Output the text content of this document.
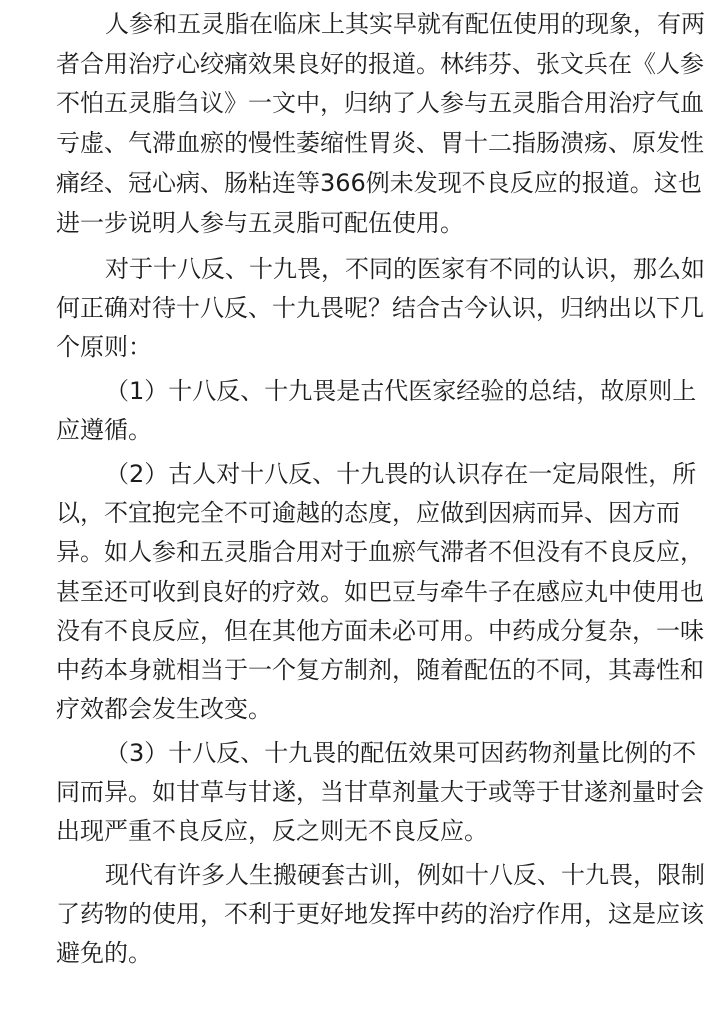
人参和五灵脂在临床上其实早就有配伍使用的现象，有两
者合用治疗心绞痛效果良好的报道。林纬芬、张文兵在《人参
不怕五灵脂刍议》一文中，归纳了人参与五灵脂合用治疗气血
亏虚、气滞血瘀的慢性萎缩性胃炎、胃十二指肠溃疡、原发性
痛经、冠心病、肠粘连等366例未发现不良反应的报道。这也
进一步说明人参与五灵脂可配伍使用。
对于十八反、十九畏，不同的医家有不同的认识，那么如
何正确对待十八反、十九畏呢？结合古今认识，归纳出以下几
个原则：
（1）十八反、十九畏是古代医家经验的总结，故原则上
应遵循。
（2）古人对十八反、十九畏的认识存在一定局限性，所
以，不宜抱完全不可逾越的态度，应做到因病而异、因方而
异。如人参和五灵脂合用对于血瘀气滞者不但没有不良反应，
甚至还可收到良好的疗效。如巴豆与牵牛子在感应丸中使用也
没有不良反应，但在其他方面未必可用。中药成分复杂，一味
中药本身就相当于一个复方制剂，随着配伍的不同，其毒性和
疗效都会发生改变。
（3）十八反、十九畏的配伍效果可因药物剂量比例的不
同而异。如甘草与甘遂，当甘草剂量大于或等于甘遂剂量时会
出现严重不良反应，反之则无不良反应。
现代有许多人生搬硬套古训，例如十八反、十九畏，限制
了药物的使用，不利于更好地发挥中药的治疗作用，这是应该
避免的。
